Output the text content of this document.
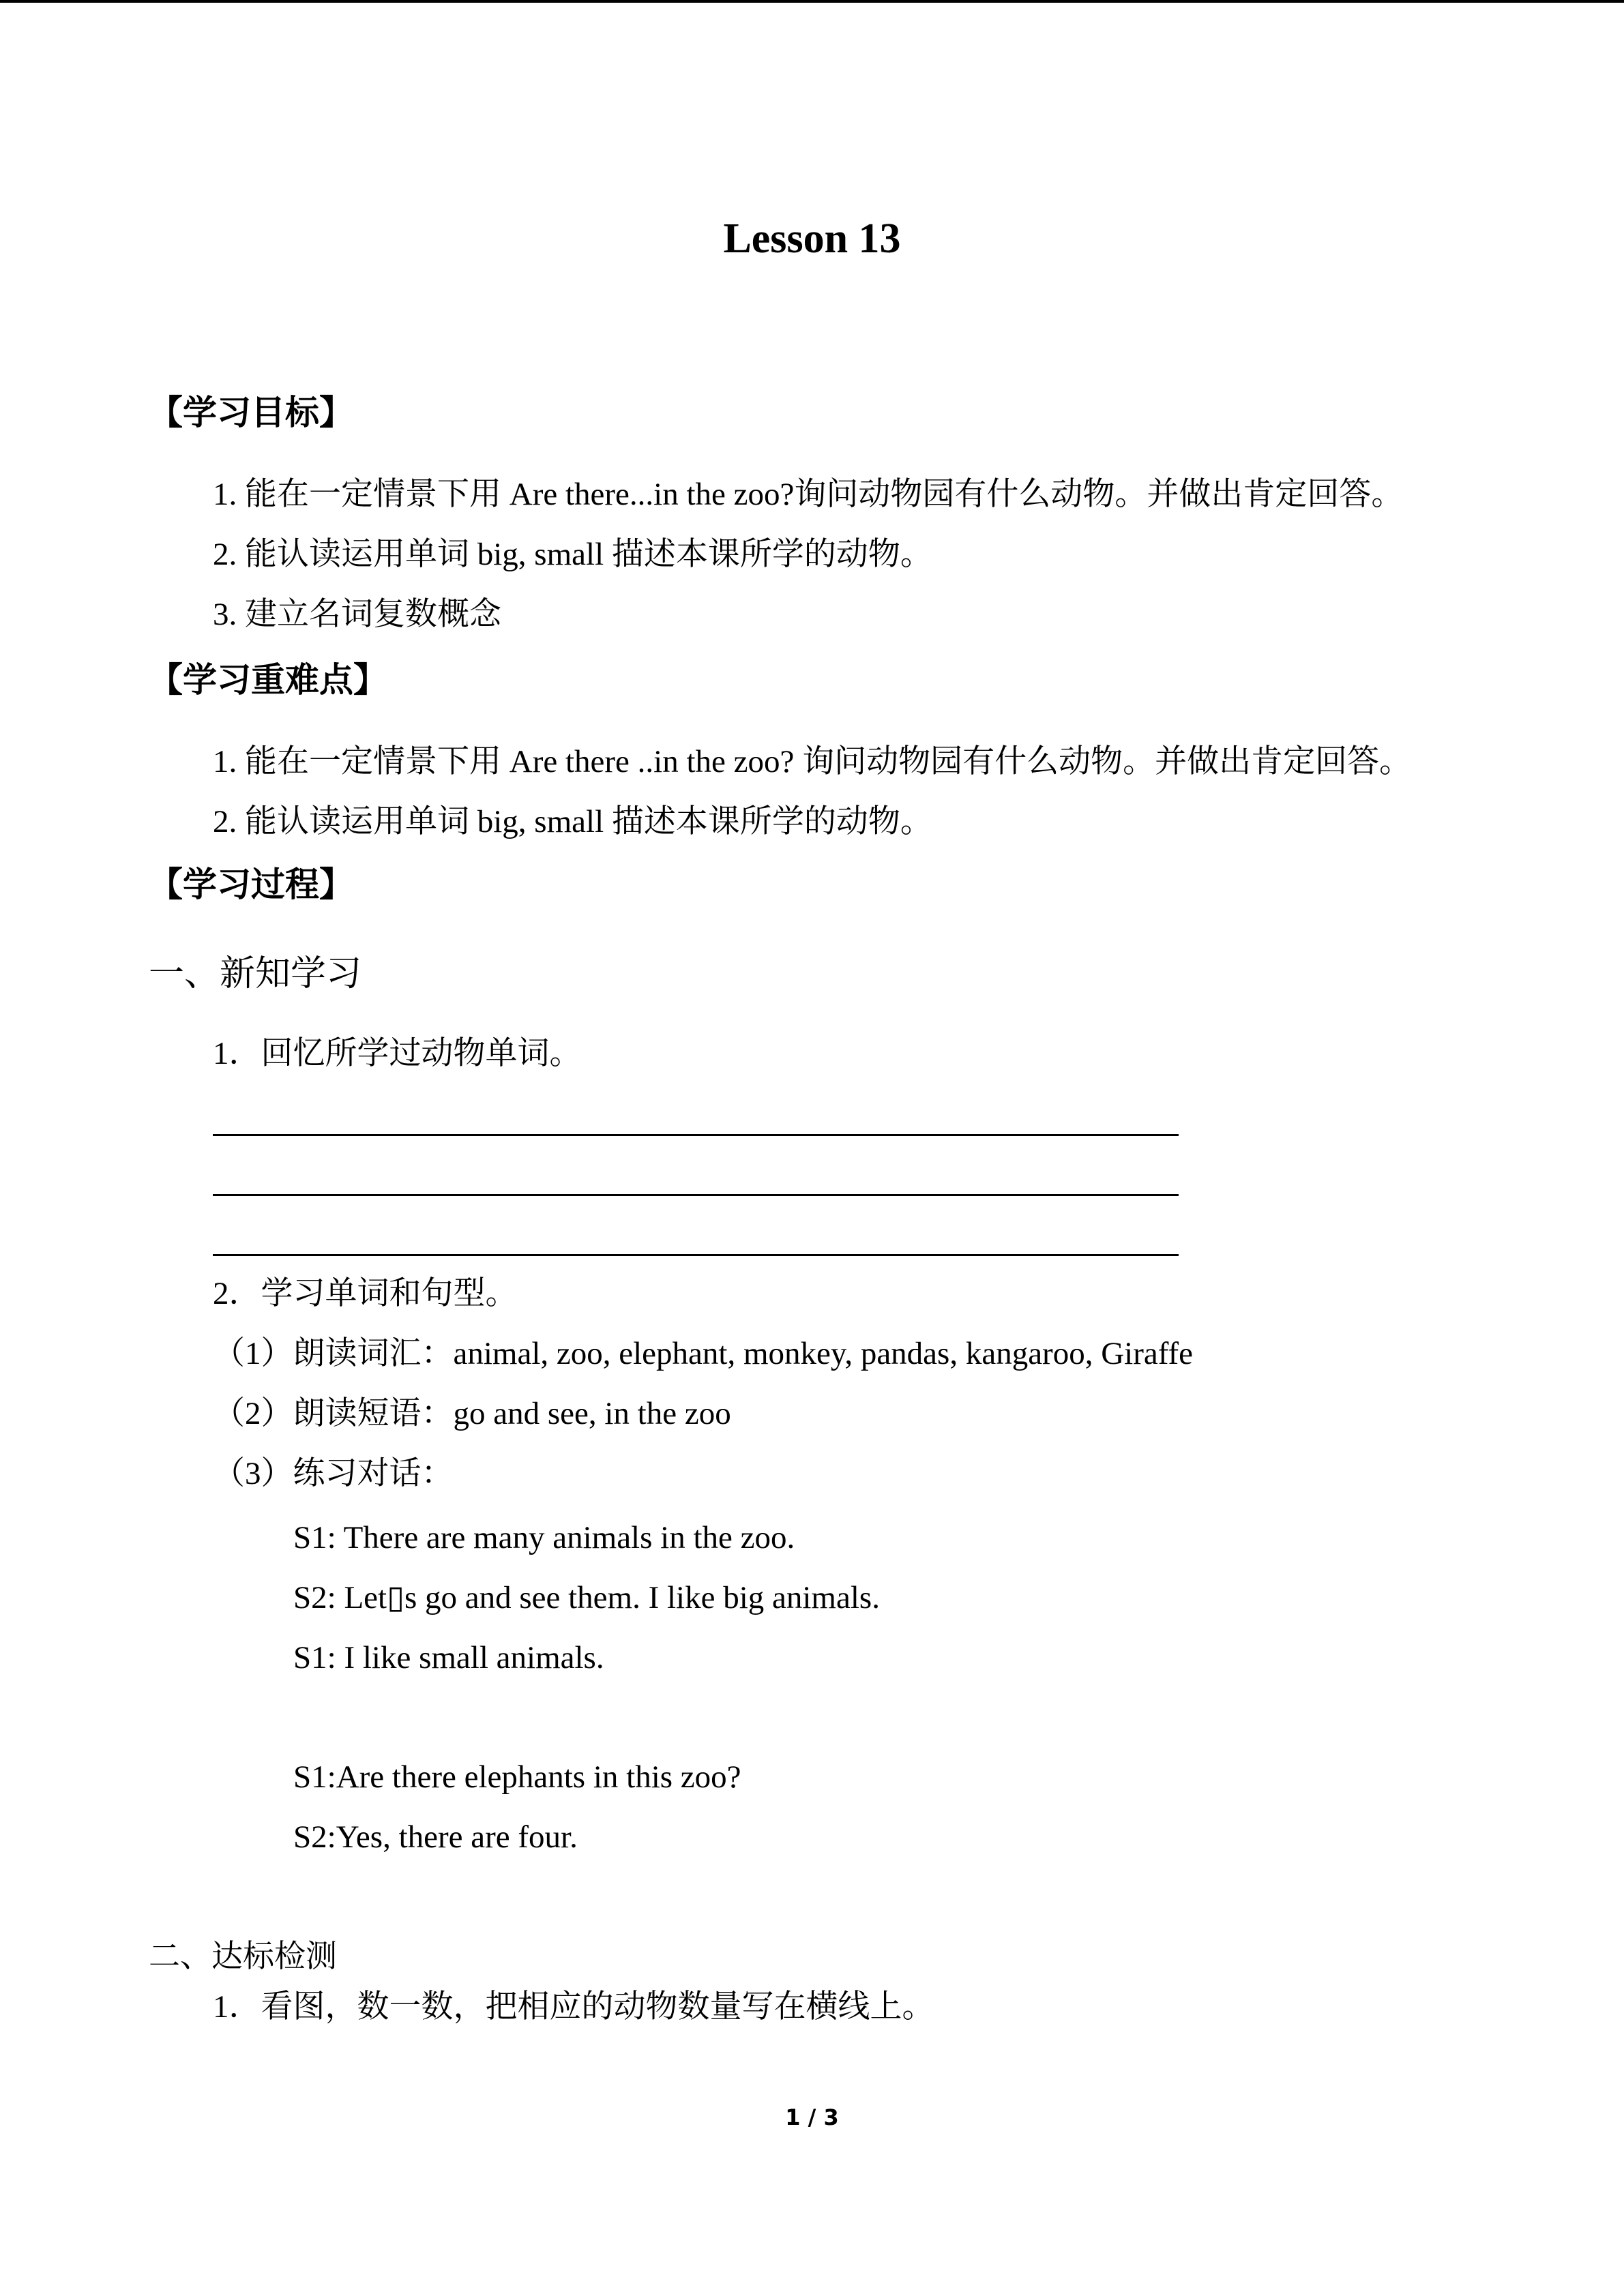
Lesson 13
【学习目标】
1. 能在一定情景下用 Are there...in the zoo?询问动物园有什么动物。并做出肯定回答。
2. 能认读运用单词 big, small 描述本课所学的动物。
3. 建立名词复数概念
【学习重难点】
1. 能在一定情景下用 Are there ..in the zoo? 询问动物园有什么动物。并做出肯定回答。
2. 能认读运用单词 big, small 描述本课所学的动物。
【学习过程】
一、新知学习
1．回忆所学过动物单词。
2．学习单词和句型。
（1）朗读词汇：animal, zoo, elephant, monkey, pandas, kangaroo, Giraffe
（2）朗读短语：go and see, in the zoo
（3）练习对话：
S1: There are many animals in the zoo.
S2: Let▯s go and see them. I like big animals.
S1: I like small animals.
S1:Are there elephants in this zoo?
S2:Yes, there are four.
二、达标检测
1．看图，数一数，把相应的动物数量写在横线上。
1 / 3
